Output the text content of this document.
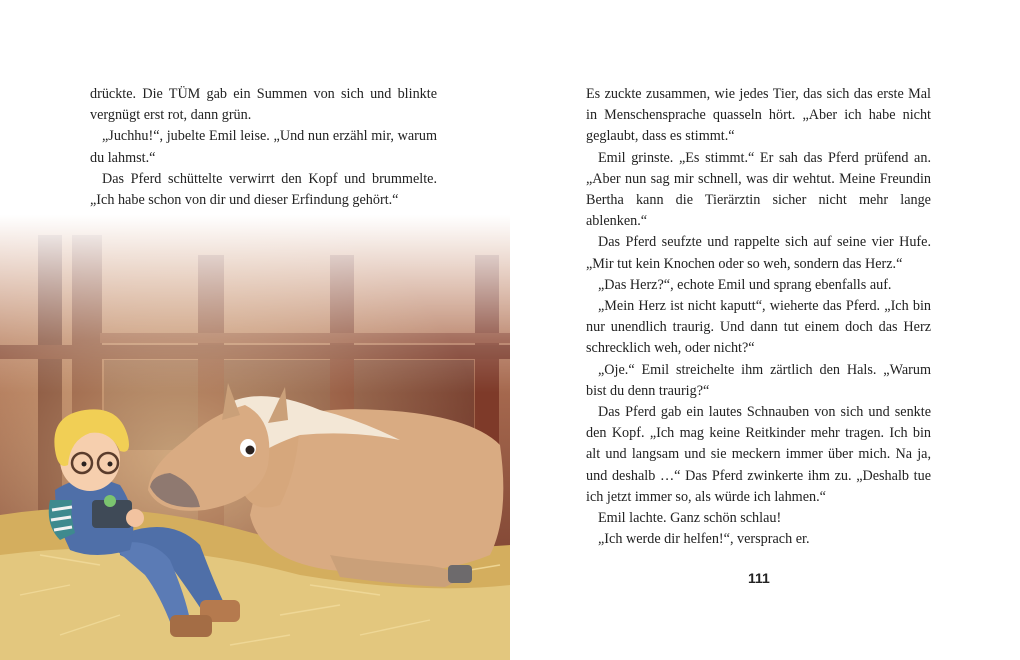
drückte. Die TÜM gab ein Summen von sich und blinkte vergnügt erst rot, dann grün.

„Juchhu!“, jubelte Emil leise. „Und nun erzähl mir, warum du lahmst.“

Das Pferd schüttelte verwirrt den Kopf und brummelte. „Ich habe schon von dir und dieser Erfindung gehört.“

Es zuckte zusammen, wie jedes Tier, das sich das erste Mal in Menschensprache quasseln hört. „Aber ich habe nicht geglaubt, dass es stimmt.“

Emil grinste. „Es stimmt.“ Er sah das Pferd prüfend an. „Aber nun sag mir schnell, was dir wehtut. Meine Freundin Bertha kann die Tierärztin sicher nicht mehr lange ablenken.“

Das Pferd seufzte und rappelte sich auf seine vier Hufe. „Mir tut kein Knochen oder so weh, sondern das Herz.“

„Das Herz?“, echote Emil und sprang ebenfalls auf.

„Mein Herz ist nicht kaputt“, wieherte das Pferd. „Ich bin nur unendlich traurig. Und dann tut einem doch das Herz schrecklich weh, oder nicht?“

„Oje.“ Emil streichelte ihm zärtlich den Hals. „Warum bist du denn traurig?“

Das Pferd gab ein lautes Schnauben von sich und senkte den Kopf. „Ich mag keine Reitkinder mehr tragen. Ich bin alt und langsam und sie meckern immer über mich. Na ja, und deshalb …“ Das Pferd zwinkerte ihm zu. „Deshalb tue ich jetzt immer so, als würde ich lahmen.“

Emil lachte. Ganz schön schlau!

„Ich werde dir helfen!“, versprach er.

111
